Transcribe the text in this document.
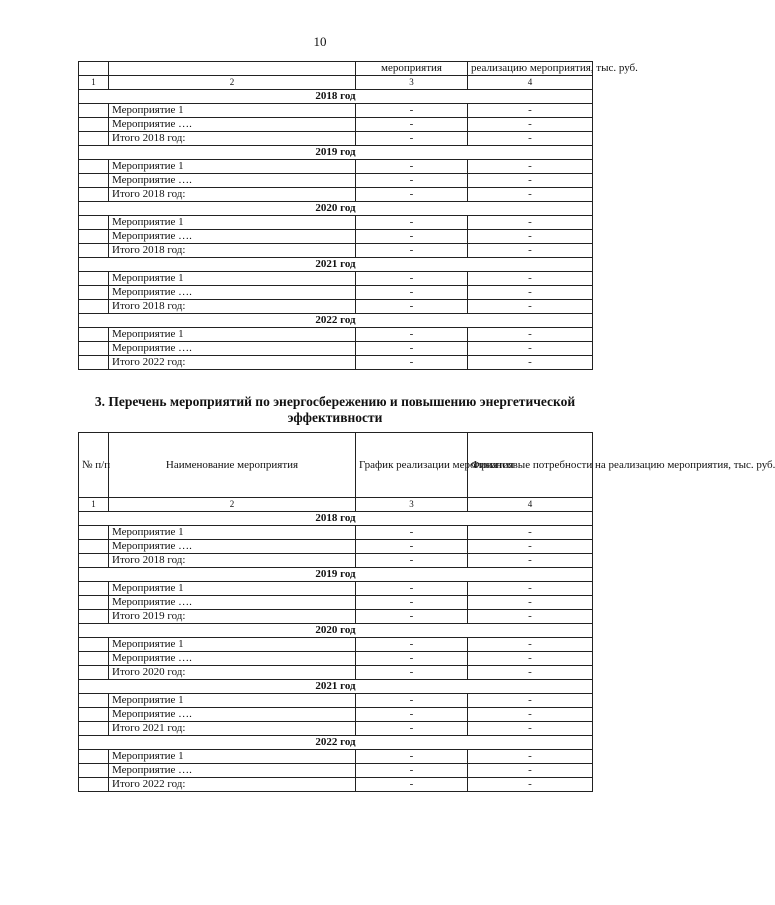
10
		мероприятия	реализацию мероприятия, тыс. руб.
1	2	3	4
2018 год			
	Мероприятие 1	-	-
	Мероприятие ….	-	-
	Итого 2018 год:	-	-
2019 год			
	Мероприятие 1	-	-
	Мероприятие ….	-	-
	Итого 2018 год:	-	-
2020 год			
	Мероприятие 1	-	-
	Мероприятие ….	-	-
	Итого 2018 год:	-	-
2021 год			
	Мероприятие 1	-	-
	Мероприятие ….	-	-
	Итого 2018 год:	-	-
2022 год			
	Мероприятие 1	-	-
	Мероприятие ….	-	-
	Итого 2022 год:	-	-
3. Перечень мероприятий по энергосбережению и повышению энергетической эффективности
№ п/п	Наименование мероприятия	График реализации мероприятия	Финансовые потребности на реализацию мероприятия, тыс. руб.
1	2	3	4
2018 год			
	Мероприятие 1	-	-
	Мероприятие ….	-	-
	Итого 2018 год:	-	-
2019 год			
	Мероприятие 1	-	-
	Мероприятие ….	-	-
	Итого 2019 год:	-	-
2020 год			
	Мероприятие 1	-	-
	Мероприятие ….	-	-
	Итого 2020 год:	-	-
2021 год			
	Мероприятие 1	-	-
	Мероприятие ….	-	-
	Итого 2021 год:	-	-
2022 год			
	Мероприятие 1	-	-
	Мероприятие ….	-	-
	Итого 2022 год:	-	-
